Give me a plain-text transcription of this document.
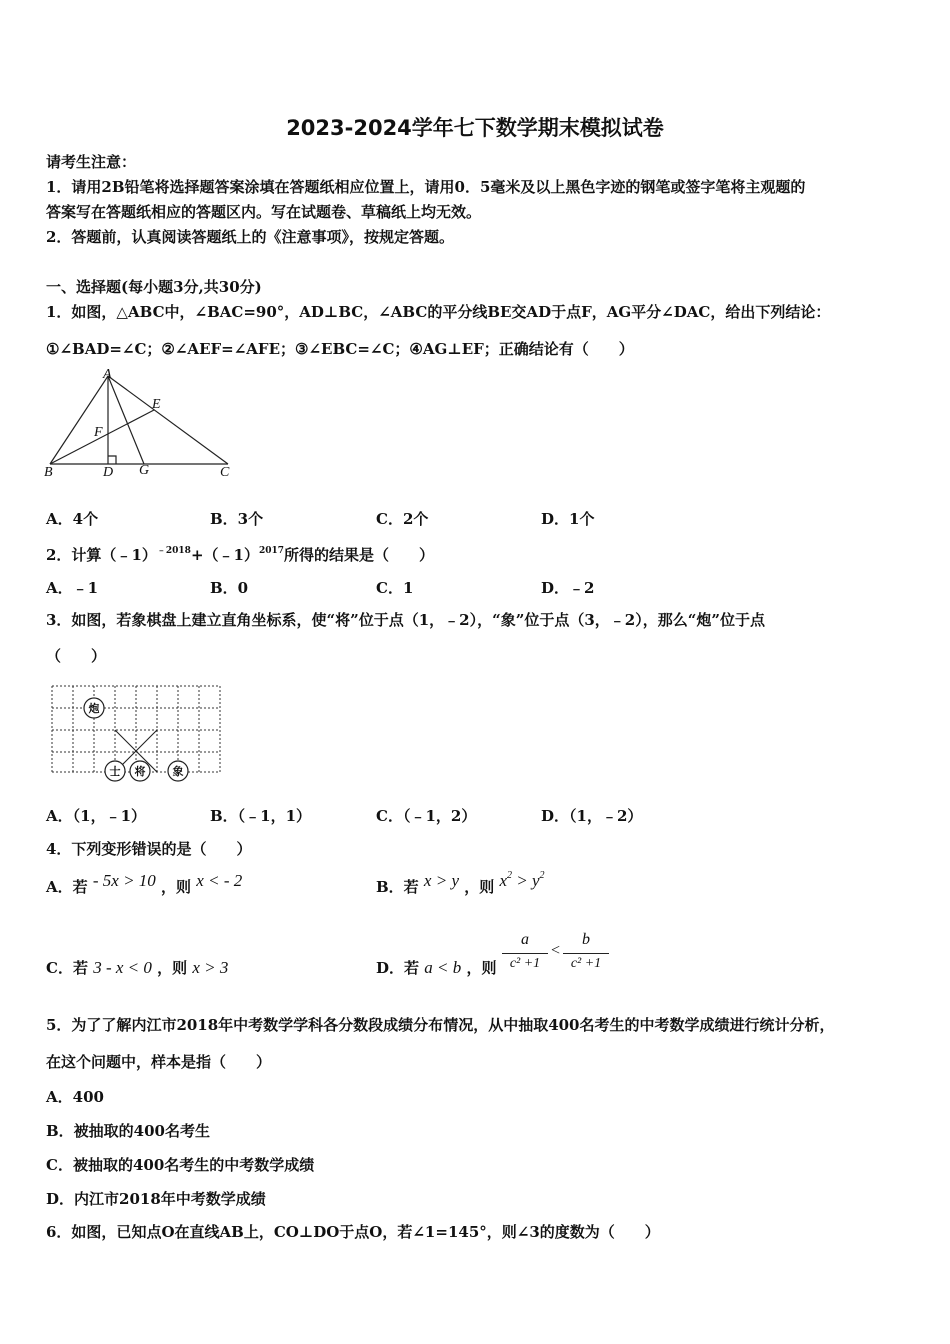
2023-2024学年七下数学期末模拟试卷
请考生注意：
1．请用2B铅笔将选择题答案涂填在答题纸相应位置上，请用0．5毫米及以上黑色字迹的钢笔或签字笔将主观题的
答案写在答题纸相应的答题区内。写在试题卷、草稿纸上均无效。
2．答题前，认真阅读答题纸上的《注意事项》，按规定答题。
一、选择题(每小题3分,共30分)
1．如图，△ABC中，∠BAC=90°，AD⊥BC，∠ABC的平分线BE交AD于点F，AG平分∠DAC，给出下列结论：
①∠BAD=∠C；②∠AEF=∠AFE；③∠EBC=∠C；④AG⊥EF；正确结论有（　　）
A
B	C
D
E
F
G
A．4个	B．3个	C．2个	D．1个
2．计算（﹣1）$^{﹣2018}$+（﹣1）$^{2017}$所得的结果是（　　）
A．﹣1	B．0	C．1	D．﹣2
3．如图，若象棋盘上建立直角坐标系，使“将”位于点（1，﹣2），“象”位于点（3，﹣2），那么“炮”位于点
（　　）
炮
士 将 象
A．（1，﹣1）	B．（﹣1，1）	C．（﹣1，2）	D．（1，﹣2）
4．下列变形错误的是（　　）
A．若 - 5x > 10 ，则 x < - 2	B．若 x > y ，则 $x^2 > y^2$
C．若 3 - x < 0 ，则 x > 3	D．若 a < b ，则
a
c² +1
<
b
c² +1
5．为了了解内江市2018年中考数学学科各分数段成绩分布情况，从中抽取400名考生的中考数学成绩进行统计分析，
在这个问题中，样本是指（　　）
A．400
B．被抽取的400名考生
C．被抽取的400名考生的中考数学成绩
D．内江市2018年中考数学成绩
6．如图，已知点O在直线AB上，CO⊥DO于点O，若∠1=145°，则∠3的度数为（　　）
